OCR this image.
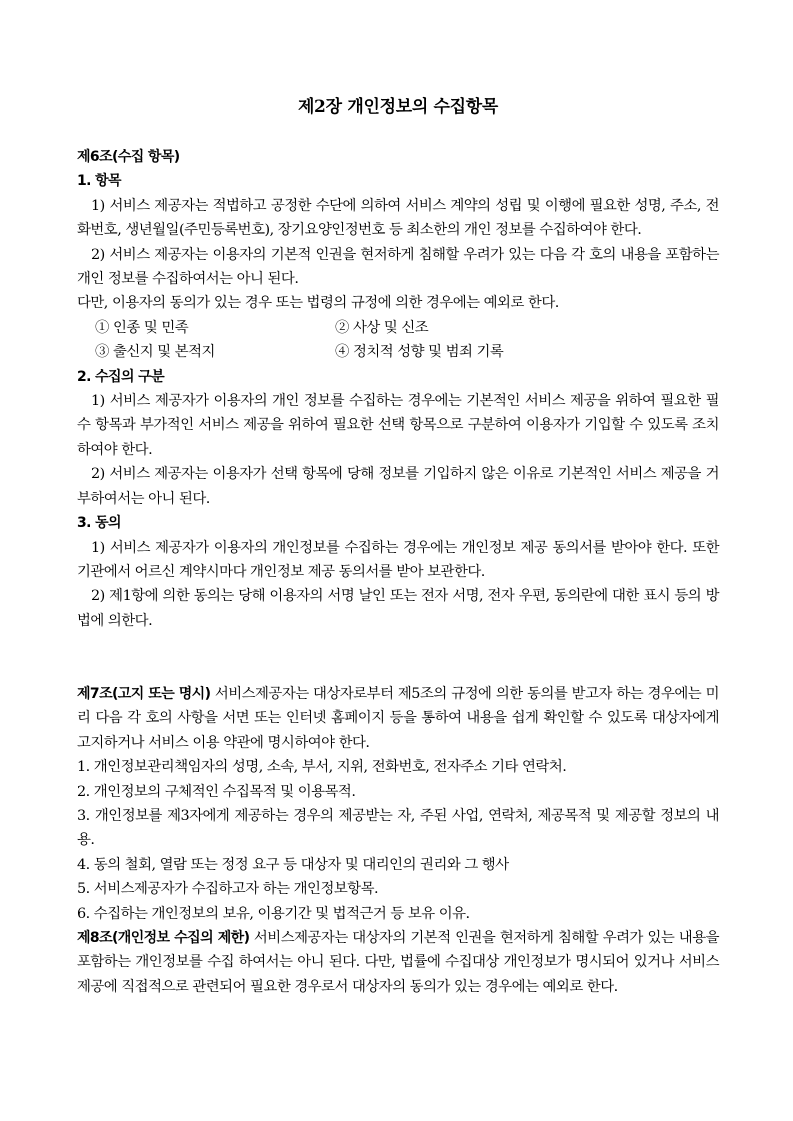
제2장 개인정보의 수집항목

제6조(수집 항목)

1. 항목

1) 서비스 제공자는 적법하고 공정한 수단에 의하여 서비스 계약의 성립 및 이행에 필요한 성명, 주소, 전화번호, 생년월일(주민등록번호), 장기요양인정번호 등 최소한의 개인 정보를 수집하여야 한다.

2) 서비스 제공자는 이용자의 기본적 인권을 현저하게 침해할 우려가 있는 다음 각 호의 내용을 포함하는 개인 정보를 수집하여서는 아니 된다.

다만, 이용자의 동의가 있는 경우 또는 법령의 규정에 의한 경우에는 예외로 한다.

① 인종 및 민족	② 사상 및 신조
③ 출신지 및 본적지	④ 정치적 성향 및 범죄 기록

2. 수집의 구분

1) 서비스 제공자가 이용자의 개인 정보를 수집하는 경우에는 기본적인 서비스 제공을 위하여 필요한 필수 항목과 부가적인 서비스 제공을 위하여 필요한 선택 항목으로 구분하여 이용자가 기입할 수 있도록 조치하여야 한다.

2) 서비스 제공자는 이용자가 선택 항목에 당해 정보를 기입하지 않은 이유로 기본적인 서비스 제공을 거부하여서는 아니 된다.

3. 동의

1) 서비스 제공자가 이용자의 개인정보를 수집하는 경우에는 개인정보 제공 동의서를 받아야 한다. 또한 기관에서 어르신 계약시마다 개인정보 제공 동의서를 받아 보관한다.

2) 제1항에 의한 동의는 당해 이용자의 서명 날인 또는 전자 서명, 전자 우편, 동의란에 대한 표시 등의 방법에 의한다.

제7조(고지 또는 명시) 서비스제공자는 대상자로부터 제5조의 규정에 의한 동의를 받고자 하는 경우에는 미리 다음 각 호의 사항을 서면 또는 인터넷 홈페이지 등을 통하여 내용을 쉽게 확인할 수 있도록 대상자에게 고지하거나 서비스 이용 약관에 명시하여야 한다.

1. 개인정보관리책임자의 성명, 소속, 부서, 지위, 전화번호, 전자주소 기타 연락처.

2. 개인정보의 구체적인 수집목적 및 이용목적.

3. 개인정보를 제3자에게 제공하는 경우의 제공받는 자, 주된 사업, 연락처, 제공목적 및 제공할 정보의 내용.

4. 동의 철회, 열람 또는 정정 요구 등 대상자 및 대리인의 권리와 그 행사

5. 서비스제공자가 수집하고자 하는 개인정보항목.

6. 수집하는 개인정보의 보유, 이용기간 및 법적근거 등 보유 이유.

제8조(개인정보 수집의 제한) 서비스제공자는 대상자의 기본적 인권을 현저하게 침해할 우려가 있는 내용을 포함하는 개인정보를 수집 하여서는 아니 된다. 다만, 법률에 수집대상 개인정보가 명시되어 있거나 서비스 제공에 직접적으로 관련되어 필요한 경우로서 대상자의 동의가 있는 경우에는 예외로 한다.
